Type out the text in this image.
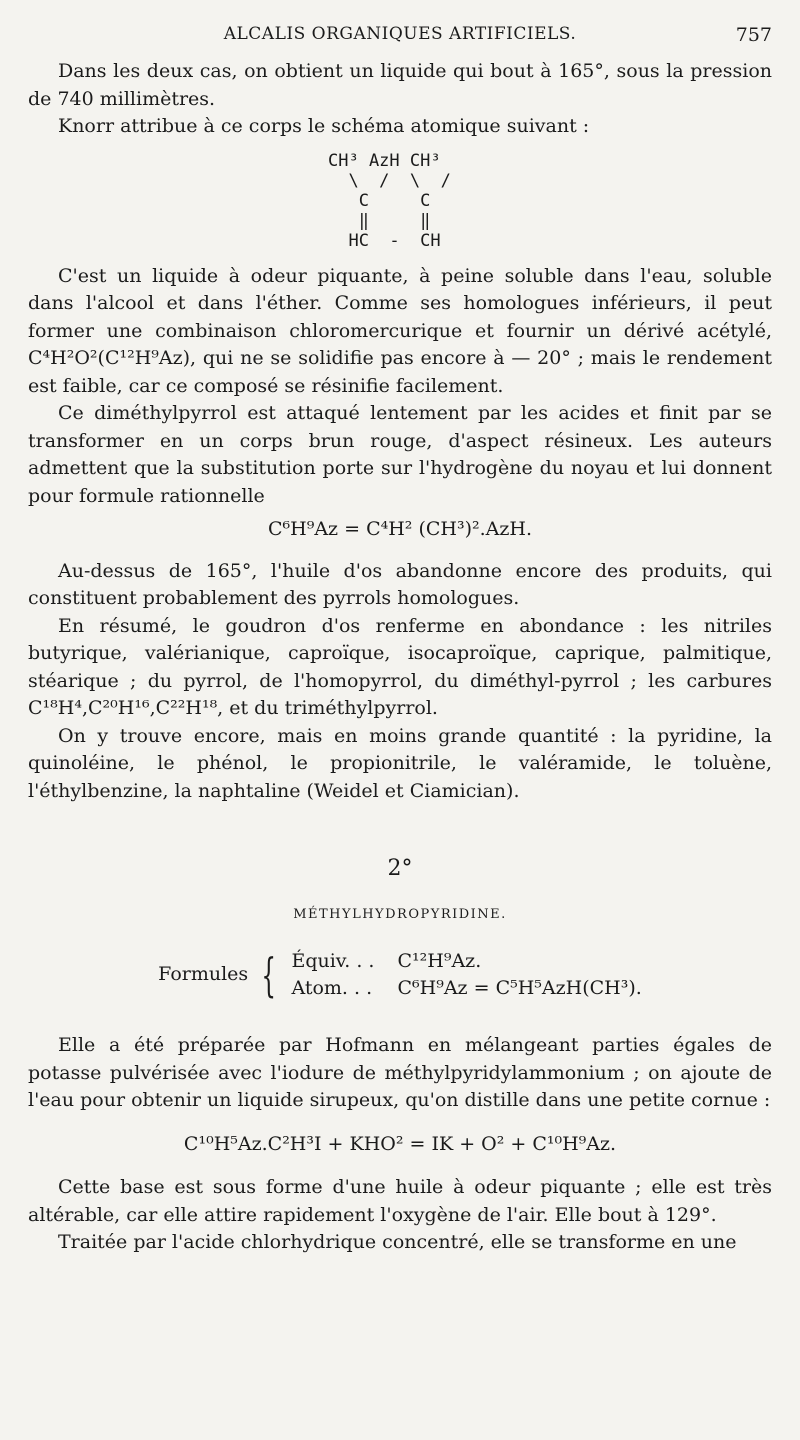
ALCALIS ORGANIQUES ARTIFICIELS.	757

Dans les deux cas, on obtient un liquide qui bout à 165°, sous la pression de 740 millimètres.

Knorr attribue à ce corps le schéma atomique suivant :

CH³ AzH CH³
\  /  \  /
C     C
‖     ‖
HC  -  CH

C'est un liquide à odeur piquante, à peine soluble dans l'eau, soluble dans l'alcool et dans l'éther. Comme ses homologues inférieurs, il peut former une combinaison chloromercurique et fournir un dérivé acétylé, C⁴H²O²(C¹²H⁹Az), qui ne se solidifie pas encore à — 20° ; mais le rendement est faible, car ce composé se résinifie facilement.

Ce diméthylpyrrol est attaqué lentement par les acides et finit par se transformer en un corps brun rouge, d'aspect résineux. Les auteurs admettent que la substitution porte sur l'hydrogène du noyau et lui donnent pour formule rationnelle

C⁶H⁹Az = C⁴H² (CH³)².AzH.

Au-dessus de 165°, l'huile d'os abandonne encore des produits, qui constituent probablement des pyrrols homologues.

En résumé, le goudron d'os renferme en abondance : les nitriles butyrique, valérianique, caproïque, isocaproïque, caprique, palmitique, stéarique ; du pyrrol, de l'homopyrrol, du diméthyl-pyrrol ; les carbures C¹⁸H⁴,C²⁰H¹⁶,C²²H¹⁸, et du triméthylpyrrol.

On y trouve encore, mais en moins grande quantité : la pyridine, la quinoléine, le phénol, le propionitrile, le valéramide, le toluène, l'éthylbenzine, la naphtaline (Weidel et Ciamician).

2°
MÉTHYLHYDROPYRIDINE.
Formules { Équiv. . . C¹²H⁹Az.
Atom. . . C⁶H⁹Az = C⁵H⁵AzH(CH³).

Elle a été préparée par Hofmann en mélangeant parties égales de potasse pulvérisée avec l'iodure de méthylpyridylammonium ; on ajoute de l'eau pour obtenir un liquide sirupeux, qu'on distille dans une petite cornue :

C¹⁰H⁵Az.C²H³I + KHO² = IK + O² + C¹⁰H⁹Az.

Cette base est sous forme d'une huile à odeur piquante ; elle est très altérable, car elle attire rapidement l'oxygène de l'air. Elle bout à 129°.

Traitée par l'acide chlorhydrique concentré, elle se transforme en une
